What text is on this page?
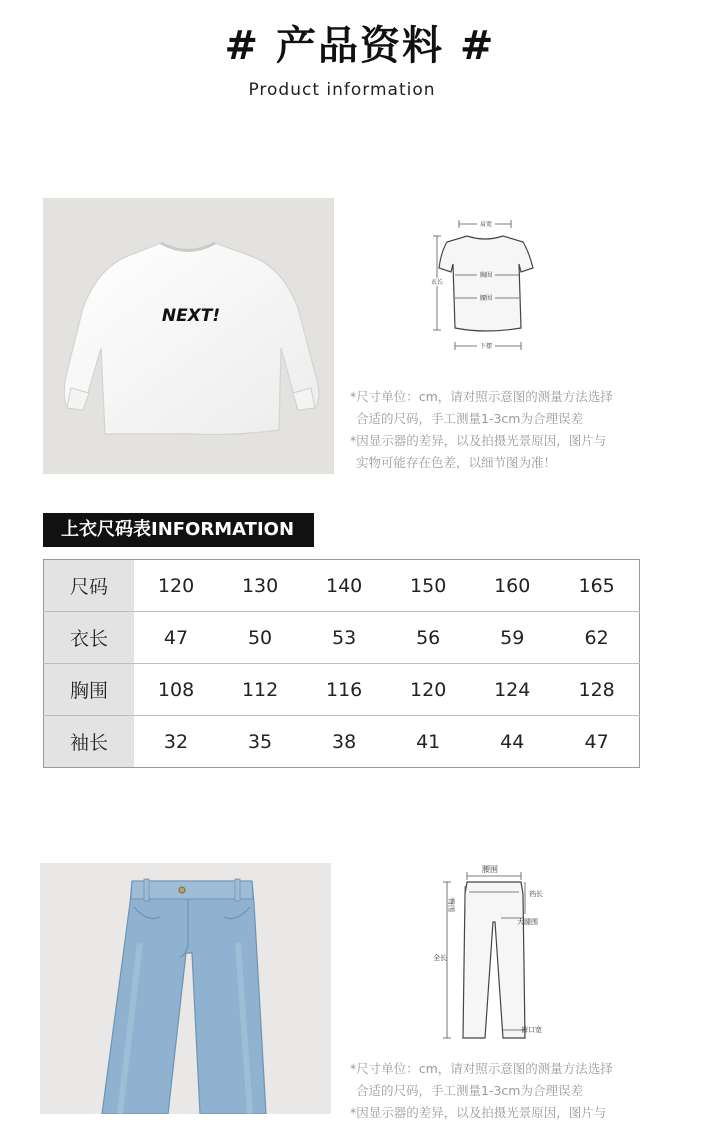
# 产品资料 #
Product information
NEXT!
肩宽
胸围
腰围
下摆
衣长

*尺寸单位：cm，请对照示意图的测量方法选择

合适的尺码，手工测量1-3cm为合理误差

*因显示器的差异，以及拍摄光景原因，图片与

实物可能存在色差，以细节图为准！

上衣尺码表INFORMATION
尺码	120	130	140	150	160	165
衣长	47	50	53	56	59	62
胸围	108	112	116	120	124	128
袖长	32	35	38	41	44	47
腰围
臀围
裆长
大腿围
全长
裤口宽

*尺寸单位：cm，请对照示意图的测量方法选择

合适的尺码，手工测量1-3cm为合理误差

*因显示器的差异，以及拍摄光景原因，图片与
